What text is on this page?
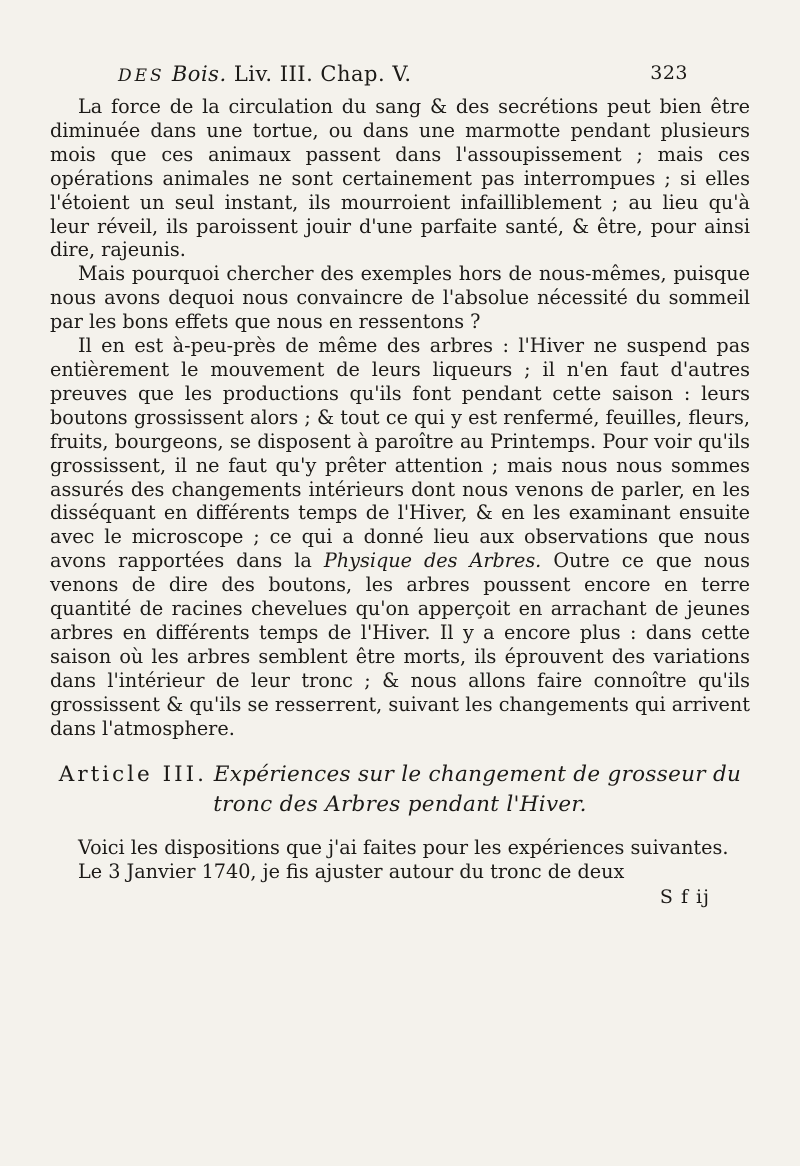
DES Bois. Liv. III. Chap. V.	323

La force de la circulation du sang & des secrétions peut bien être diminuée dans une tortue, ou dans une marmotte pendant plusieurs mois que ces animaux passent dans l'assoupissement ; mais ces opérations animales ne sont certainement pas interrompues ; si elles l'étoient un seul instant, ils mourroient infailliblement ; au lieu qu'à leur réveil, ils paroissent jouir d'une parfaite santé, & être, pour ainsi dire, rajeunis.

Mais pourquoi chercher des exemples hors de nous-mêmes, puisque nous avons dequoi nous convaincre de l'absolue nécessité du sommeil par les bons effets que nous en ressentons ?

Il en est à-peu-près de même des arbres : l'Hiver ne suspend pas entièrement le mouvement de leurs liqueurs ; il n'en faut d'autres preuves que les productions qu'ils font pendant cette saison : leurs boutons grossissent alors ; & tout ce qui y est renfermé, feuilles, fleurs, fruits, bourgeons, se disposent à paroître au Printemps. Pour voir qu'ils grossissent, il ne faut qu'y prêter attention ; mais nous nous sommes assurés des changements intérieurs dont nous venons de parler, en les disséquant en différents temps de l'Hiver, & en les examinant ensuite avec le microscope ; ce qui a donné lieu aux observations que nous avons rapportées dans la Physique des Arbres. Outre ce que nous venons de dire des boutons, les arbres poussent encore en terre quantité de racines chevelues qu'on apperçoit en arrachant de jeunes arbres en différents temps de l'Hiver. Il y a encore plus : dans cette saison où les arbres semblent être morts, ils éprouvent des variations dans l'intérieur de leur tronc ; & nous allons faire connoître qu'ils grossissent & qu'ils se resserrent, suivant les changements qui arrivent dans l'atmosphere.

Article III. Expériences sur le changement de grosseur du tronc des Arbres pendant l'Hiver.

Voici les dispositions que j'ai faites pour les expériences suivantes.

Le 3 Janvier 1740, je fis ajuster autour du tronc de deux

S f ij
